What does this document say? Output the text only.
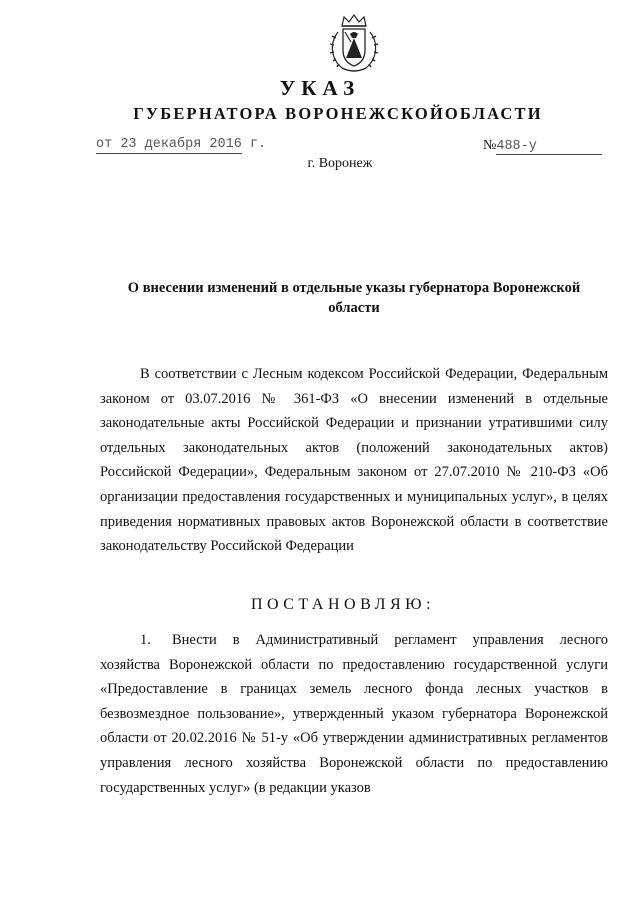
УКАЗ
ГУБЕРНАТОРА ВОРОНЕЖСКОЙОБЛАСТИ
от 23 декабря 2016 г.	№488-у
г. Воронеж
О внесении изменений в отдельные указы губернатора Воронежской области
В соответствии с Лесным кодексом Российской Федерации, Федеральным законом от 03.07.2016 № 361-ФЗ «О внесении изменений в отдельные законодательные акты Российской Федерации и признании утратившими силу отдельных законодательных актов (положений законодательных актов) Российской Федерации», Федеральным законом от 27.07.2010 № 210-ФЗ «Об организации предоставления государственных и муниципальных услуг», в целях приведения нормативных правовых актов Воронежской области в соответствие законодательству Российской Федерации
ПОСТАНОВЛЯЮ:
1. Внести в Административный регламент управления лесного хозяйства Воронежской области по предоставлению государственной услуги «Предоставление в границах земель лесного фонда лесных участков в безвозмездное пользование», утвержденный указом губернатора Воронежской области от 20.02.2016 № 51-у «Об утверждении административных регламентов управления лесного хозяйства Воронежской области по предоставлению государственных услуг» (в редакции указов
